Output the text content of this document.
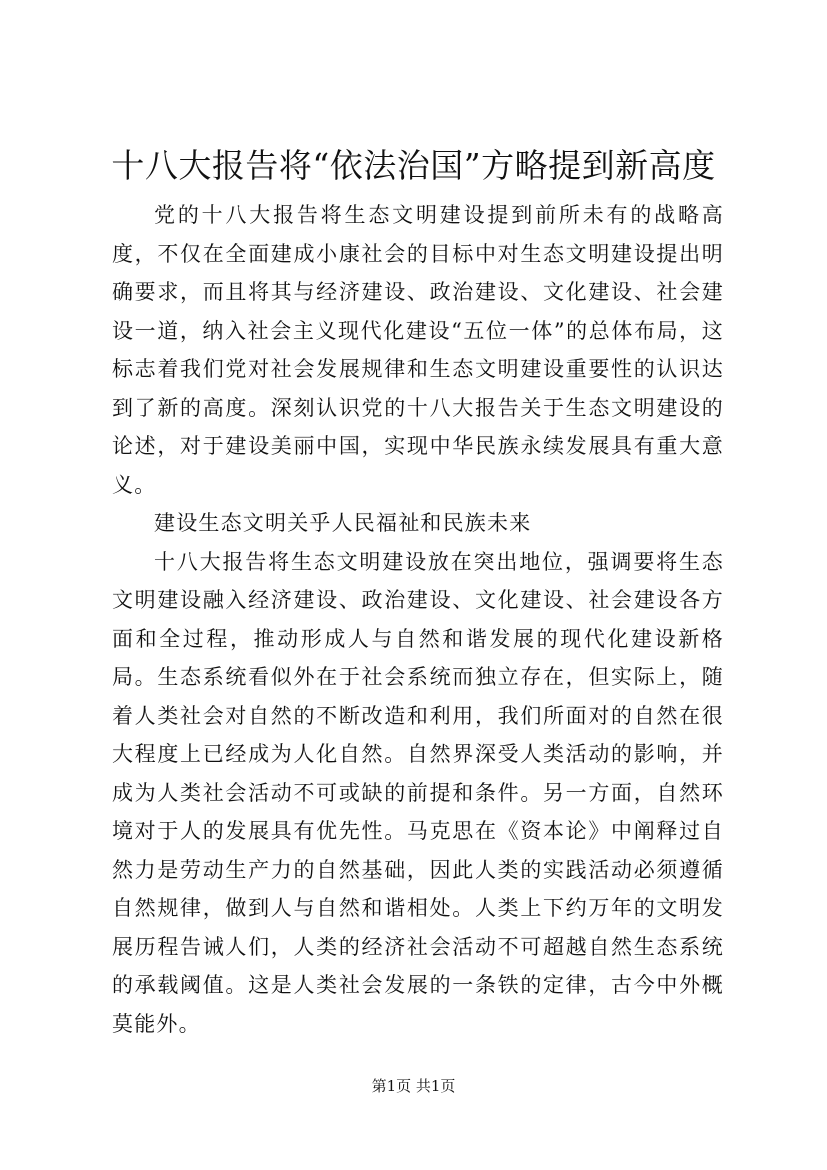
十八大报告将“依法治国”方略提到新高度

党的十八大报告将生态文明建设提到前所未有的战略高度，不仅在全面建成小康社会的目标中对生态文明建设提出明确要求，而且将其与经济建设、政治建设、文化建设、社会建设一道，纳入社会主义现代化建设“五位一体”的总体布局，这标志着我们党对社会发展规律和生态文明建设重要性的认识达到了新的高度。深刻认识党的十八大报告关于生态文明建设的论述，对于建设美丽中国，实现中华民族永续发展具有重大意义。

建设生态文明关乎人民福祉和民族未来

十八大报告将生态文明建设放在突出地位，强调要将生态文明建设融入经济建设、政治建设、文化建设、社会建设各方面和全过程，推动形成人与自然和谐发展的现代化建设新格局。生态系统看似外在于社会系统而独立存在，但实际上，随着人类社会对自然的不断改造和利用，我们所面对的自然在很大程度上已经成为人化自然。自然界深受人类活动的影响，并成为人类社会活动不可或缺的前提和条件。另一方面，自然环境对于人的发展具有优先性。马克思在《资本论》中阐释过自然力是劳动生产力的自然基础，因此人类的实践活动必须遵循自然规律，做到人与自然和谐相处。人类上下约万年的文明发展历程告诫人们，人类的经济社会活动不可超越自然生态系统的承载阈值。这是人类社会发展的一条铁的定律，古今中外概莫能外。

第1页 共1页
